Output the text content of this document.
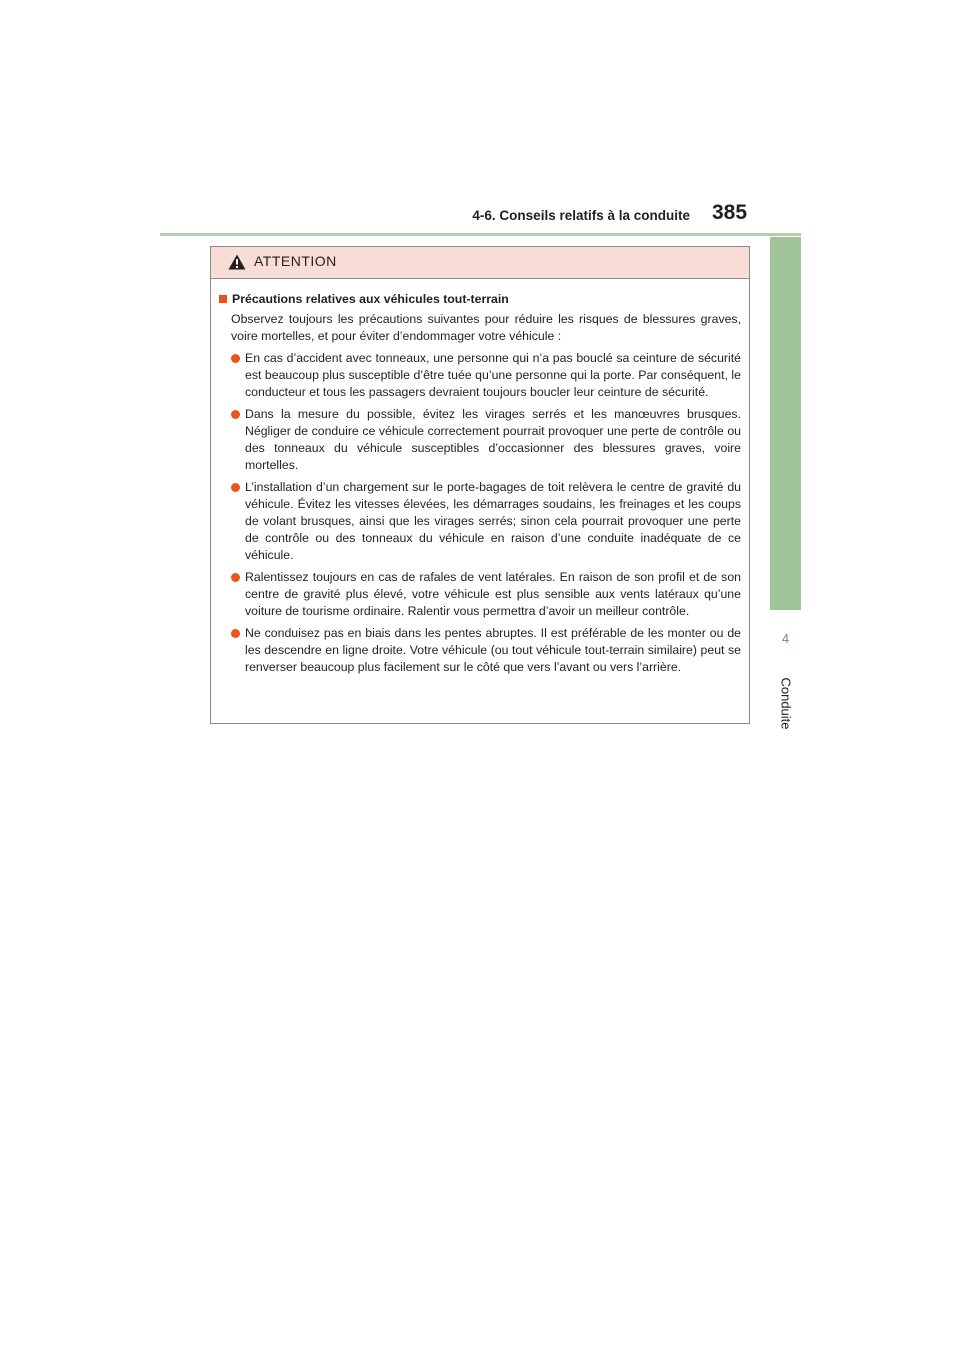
4-6. Conseils relatifs à la conduite 385
4
Conduite
ATTENTION
Précautions relatives aux véhicules tout-terrain
Observez toujours les précautions suivantes pour réduire les risques de blessures graves, voire mortelles, et pour éviter d’endommager votre véhicule :
En cas d’accident avec tonneaux, une personne qui n’a pas bouclé sa ceinture de sécurité est beaucoup plus susceptible d’être tuée qu’une personne qui la porte. Par conséquent, le conducteur et tous les passagers devraient toujours boucler leur ceinture de sécurité.
Dans la mesure du possible, évitez les virages serrés et les manœuvres brusques. Négliger de conduire ce véhicule correctement pourrait provoquer une perte de contrôle ou des tonneaux du véhicule susceptibles d’occasionner des blessures graves, voire mortelles.
L’installation d’un chargement sur le porte-bagages de toit relèvera le centre de gravité du véhicule. Évitez les vitesses élevées, les démarrages soudains, les freinages et les coups de volant brusques, ainsi que les virages serrés; sinon cela pourrait provoquer une perte de contrôle ou des tonneaux du véhicule en raison d’une conduite inadéquate de ce véhicule.
Ralentissez toujours en cas de rafales de vent latérales. En raison de son profil et de son centre de gravité plus élevé, votre véhicule est plus sensible aux vents latéraux qu’une voiture de tourisme ordinaire. Ralentir vous permettra d’avoir un meilleur contrôle.
Ne conduisez pas en biais dans les pentes abruptes. Il est préférable de les monter ou de les descendre en ligne droite. Votre véhicule (ou tout véhicule tout-terrain similaire) peut se renverser beaucoup plus facilement sur le côté que vers l’avant ou vers l’arrière.
